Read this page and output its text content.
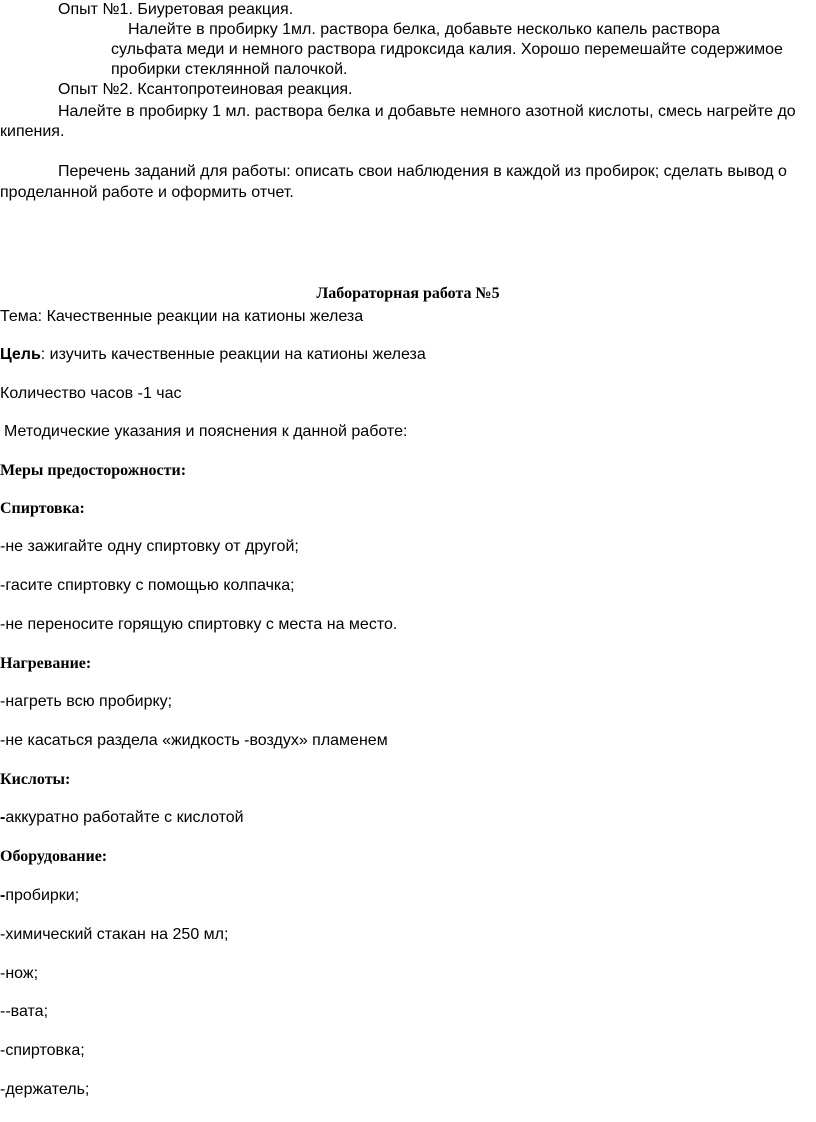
Опыт №1. Биуретовая реакция.
Налейте в пробирку 1мл. раствора белка, добавьте несколько капель раствора
сульфата меди и немного раствора гидроксида калия. Хорошо перемешайте содержимое
пробирки стеклянной палочкой.
Опыт №2. Ксантопротеиновая реакция.
Налейте в пробирку 1 мл. раствора белка и добавьте немного азотной кислоты, смесь нагрейте до
кипения.
Перечень заданий для работы: описать свои наблюдения в каждой из пробирок; сделать вывод о
проделанной работе и оформить отчет.
Лабораторная работа №5
Тема: Качественные реакции на катионы железа
Цель: изучить качественные реакции на катионы железа
Количество часов -1 час
Методические указания и пояснения к данной работе:
Меры предосторожности:
Спиртовка:
-не зажигайте одну спиртовку от другой;
-гасите спиртовку с помощью колпачка;
-не переносите горящую спиртовку с места на место.
Нагревание:
-нагреть всю пробирку;
-не касаться раздела «жидкость -воздух» пламенем
Кислоты:
-аккуратно работайте с кислотой
Оборудование:
-пробирки;
-химический стакан на 250 мл;
-нож;
--вата;
-спиртовка;
-держатель;
